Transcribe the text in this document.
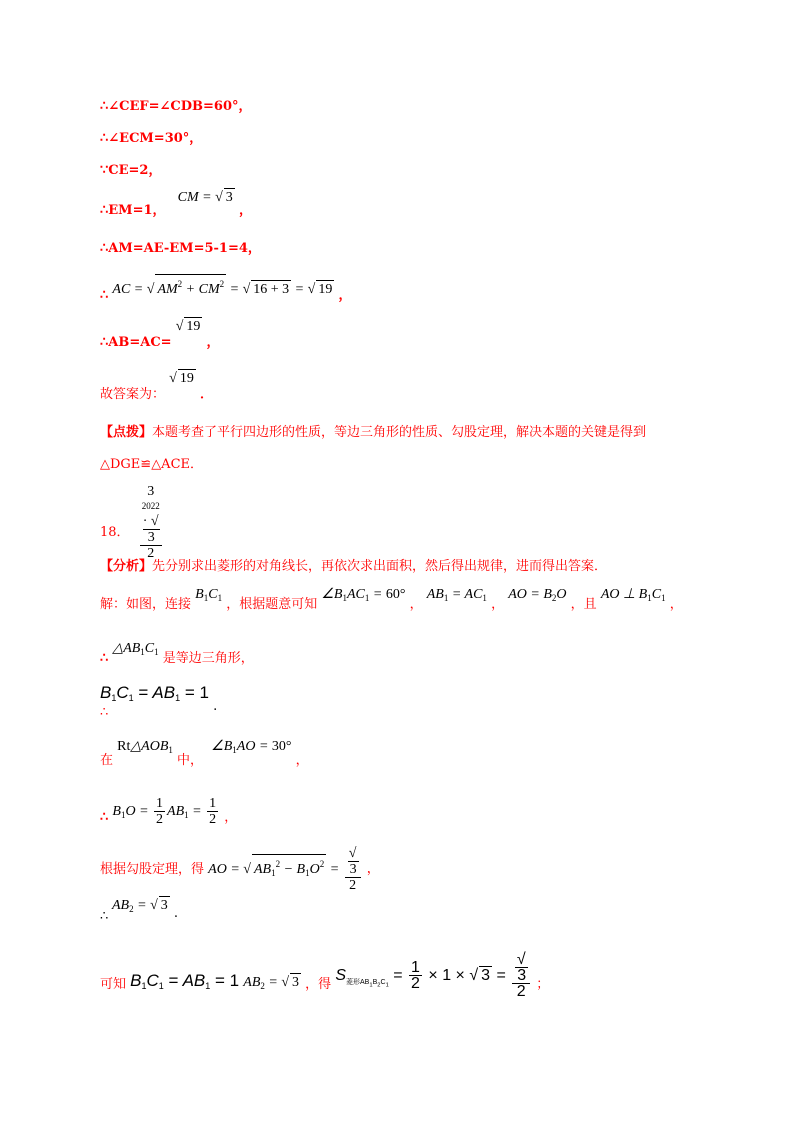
∴∠CEF=∠CDB=60°，
∴∠ECM=30°，
∵CE=2，
∴EM=1， CM = √ 3 ，
∴AM=AE-EM=5-1=4，
∴ AC = √ $AM^2 + CM^2$ = √ 16 + 3 = √ 19 ，
∴AB=AC= √ 19 ，
故答案为： √ 19 ．
【点拨】本题考查了平行四边形的性质，等边三角形的性质、勾股定理，解决本题的关键是得到
△DGE≌△ACE．
18． 3
2022
· √
3
2
【分析】先分别求出菱形的对角线长，再依次求出面积，然后得出规律，进而得出答案．
解：如图，连接 $B_1C_1$ ，根据题意可知 $\angle B_1AC_1 = 60^\circ$ ， $AB_1 = AC_1$ ， AO = $B_2O$ ，且 AO ⊥ $B_1C_1$ ，
∴ $\triangle AB_1C_1$ 是等边三角形，
$B_1C_1 = AB_1 = 1$ .
∴
在 $Rt\triangle AOB_1$ 中， $\angle B_1AO = 30^\circ$ ，
∴ $B_1O = \frac{1}{2} AB_1 = \frac{1}{2}$ ，
根据勾股定理，得 AO = √ $AB_1^2 - B_1O^2$ = √
3
2 ，
$AB_2$ = √ 3 .
∴
可知 $B_1C_1 = AB_1 = 1$ $AB_2$ = √ 3 ，得 $S_{菱形AB_1B_2C_1} = \frac{1}{2} \times 1$ × √ 3 = √
3
2 ；
